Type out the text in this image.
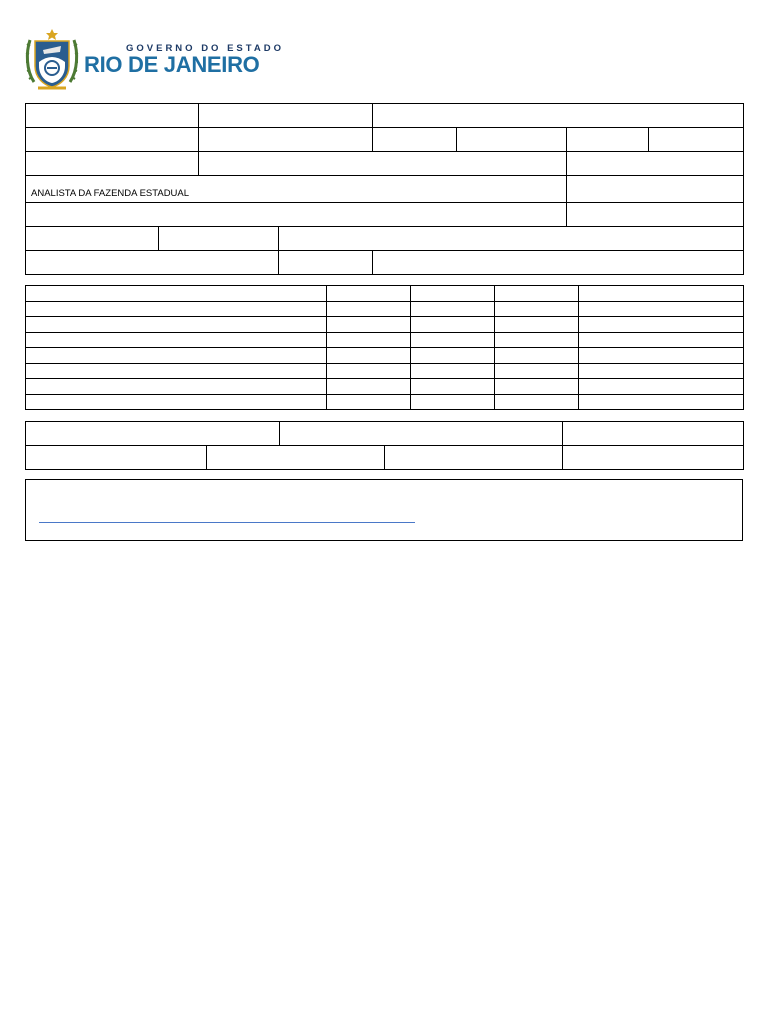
GOVERNO DO ESTADO
RIO DE JANEIRO

ANALISTA DA FAZENDA ESTADUAL							
